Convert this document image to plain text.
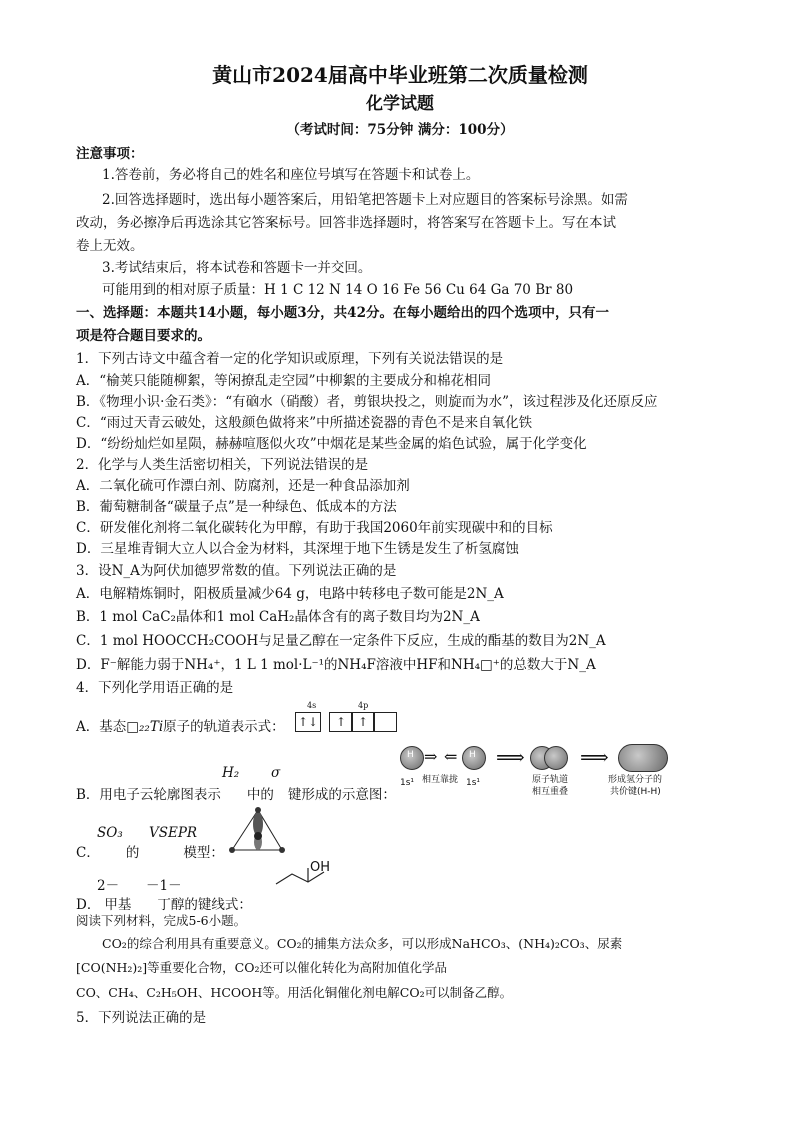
黄山市2024届高中毕业班第二次质量检测
化学试题
（考试时间：75分钟 满分：100分）
注意事项：
1.答卷前，务必将自己的姓名和座位号填写在答题卡和试卷上。
2.回答选择题时，选出每小题答案后，用铅笔把答题卡上对应题目的答案标号涂黑。如需
改动，务必擦净后再选涂其它答案标号。回答非选择题时，将答案写在答题卡上。写在本试
卷上无效。
3.考试结束后，将本试卷和答题卡一并交回。
可能用到的相对原子质量：H 1 C 12 N 14 O 16 Fe 56 Cu 64 Ga 70 Br 80
一、选择题：本题共14小题，每小题3分，共42分。在每小题给出的四个选项中，只有一
项是符合题目要求的。
1．下列古诗文中蕴含着一定的化学知识或原理，下列有关说法错误的是
A．“榆荚只能随柳絮，等闲撩乱走空园”中柳絮的主要成分和棉花相同
B．《物理小识·金石类》：“有硇水（硝酸）者，剪银块投之，则旋而为水”，该过程涉及化还原反应
C．“雨过天青云破处，这般颜色做将来”中所描述瓷器的青色不是来自氧化铁
D．“纷纷灿烂如星陨，赫赫喧豗似火攻”中烟花是某些金属的焰色试验，属于化学变化
2．化学与人类生活密切相关，下列说法错误的是
A．二氧化硫可作漂白剂、防腐剂，还是一种食品添加剂
B．葡萄糖制备“碳量子点”是一种绿色、低成本的方法
C．研发催化剂将二氧化碳转化为甲醇，有助于我国2060年前实现碳中和的目标
D．三星堆青铜大立人以合金为材料，其深埋于地下生锈是发生了析氢腐蚀
3．设N_A为阿伏加德罗常数的值。下列说法正确的是
A．电解精炼铜时，阳极质量减少64 g，电路中转移电子数可能是2N_A
B．1 mol CaC₂晶体和1 mol CaH₂晶体含有的离子数目均为2N_A
C．1 mol HOOCCH₂COOH与足量乙醇在一定条件下反应，生成的酯基的数目为2N_A
D．F⁻解能力弱于NH₄⁺，1 L 1 mol·L⁻¹的NH₄F溶液中HF和NH₄□⁺的总数大于N_A
4．下列化学用语正确的是
A．基态□₂₂Ti原子的轨道表示式：
4s	4p
↑↓	↑ ↑
H₂ σ
B．用电子云轮廓图表示 中的 键形成的示意图：
H ⇒ ⇐ H
1s¹ 相互靠拢 1s¹
⟹
原子轨道
相互重叠
⟹
形成氢分子的
共价键(H-H)
SO₃ VSEPR
C． 的	模型：
2－ －1－
D． 甲基 丁醇的键线式：
OH
阅读下列材料，完成5-6小题。
CO₂的综合利用具有重要意义。CO₂的捕集方法众多，可以形成NaHCO₃、(NH₄)₂CO₃、尿素
[CO(NH₂)₂]等重要化合物，CO₂还可以催化转化为高附加值化学品
CO、CH₄、C₂H₅OH、HCOOH等。用活化铜催化剂电解CO₂可以制备乙醇。
5．下列说法正确的是
